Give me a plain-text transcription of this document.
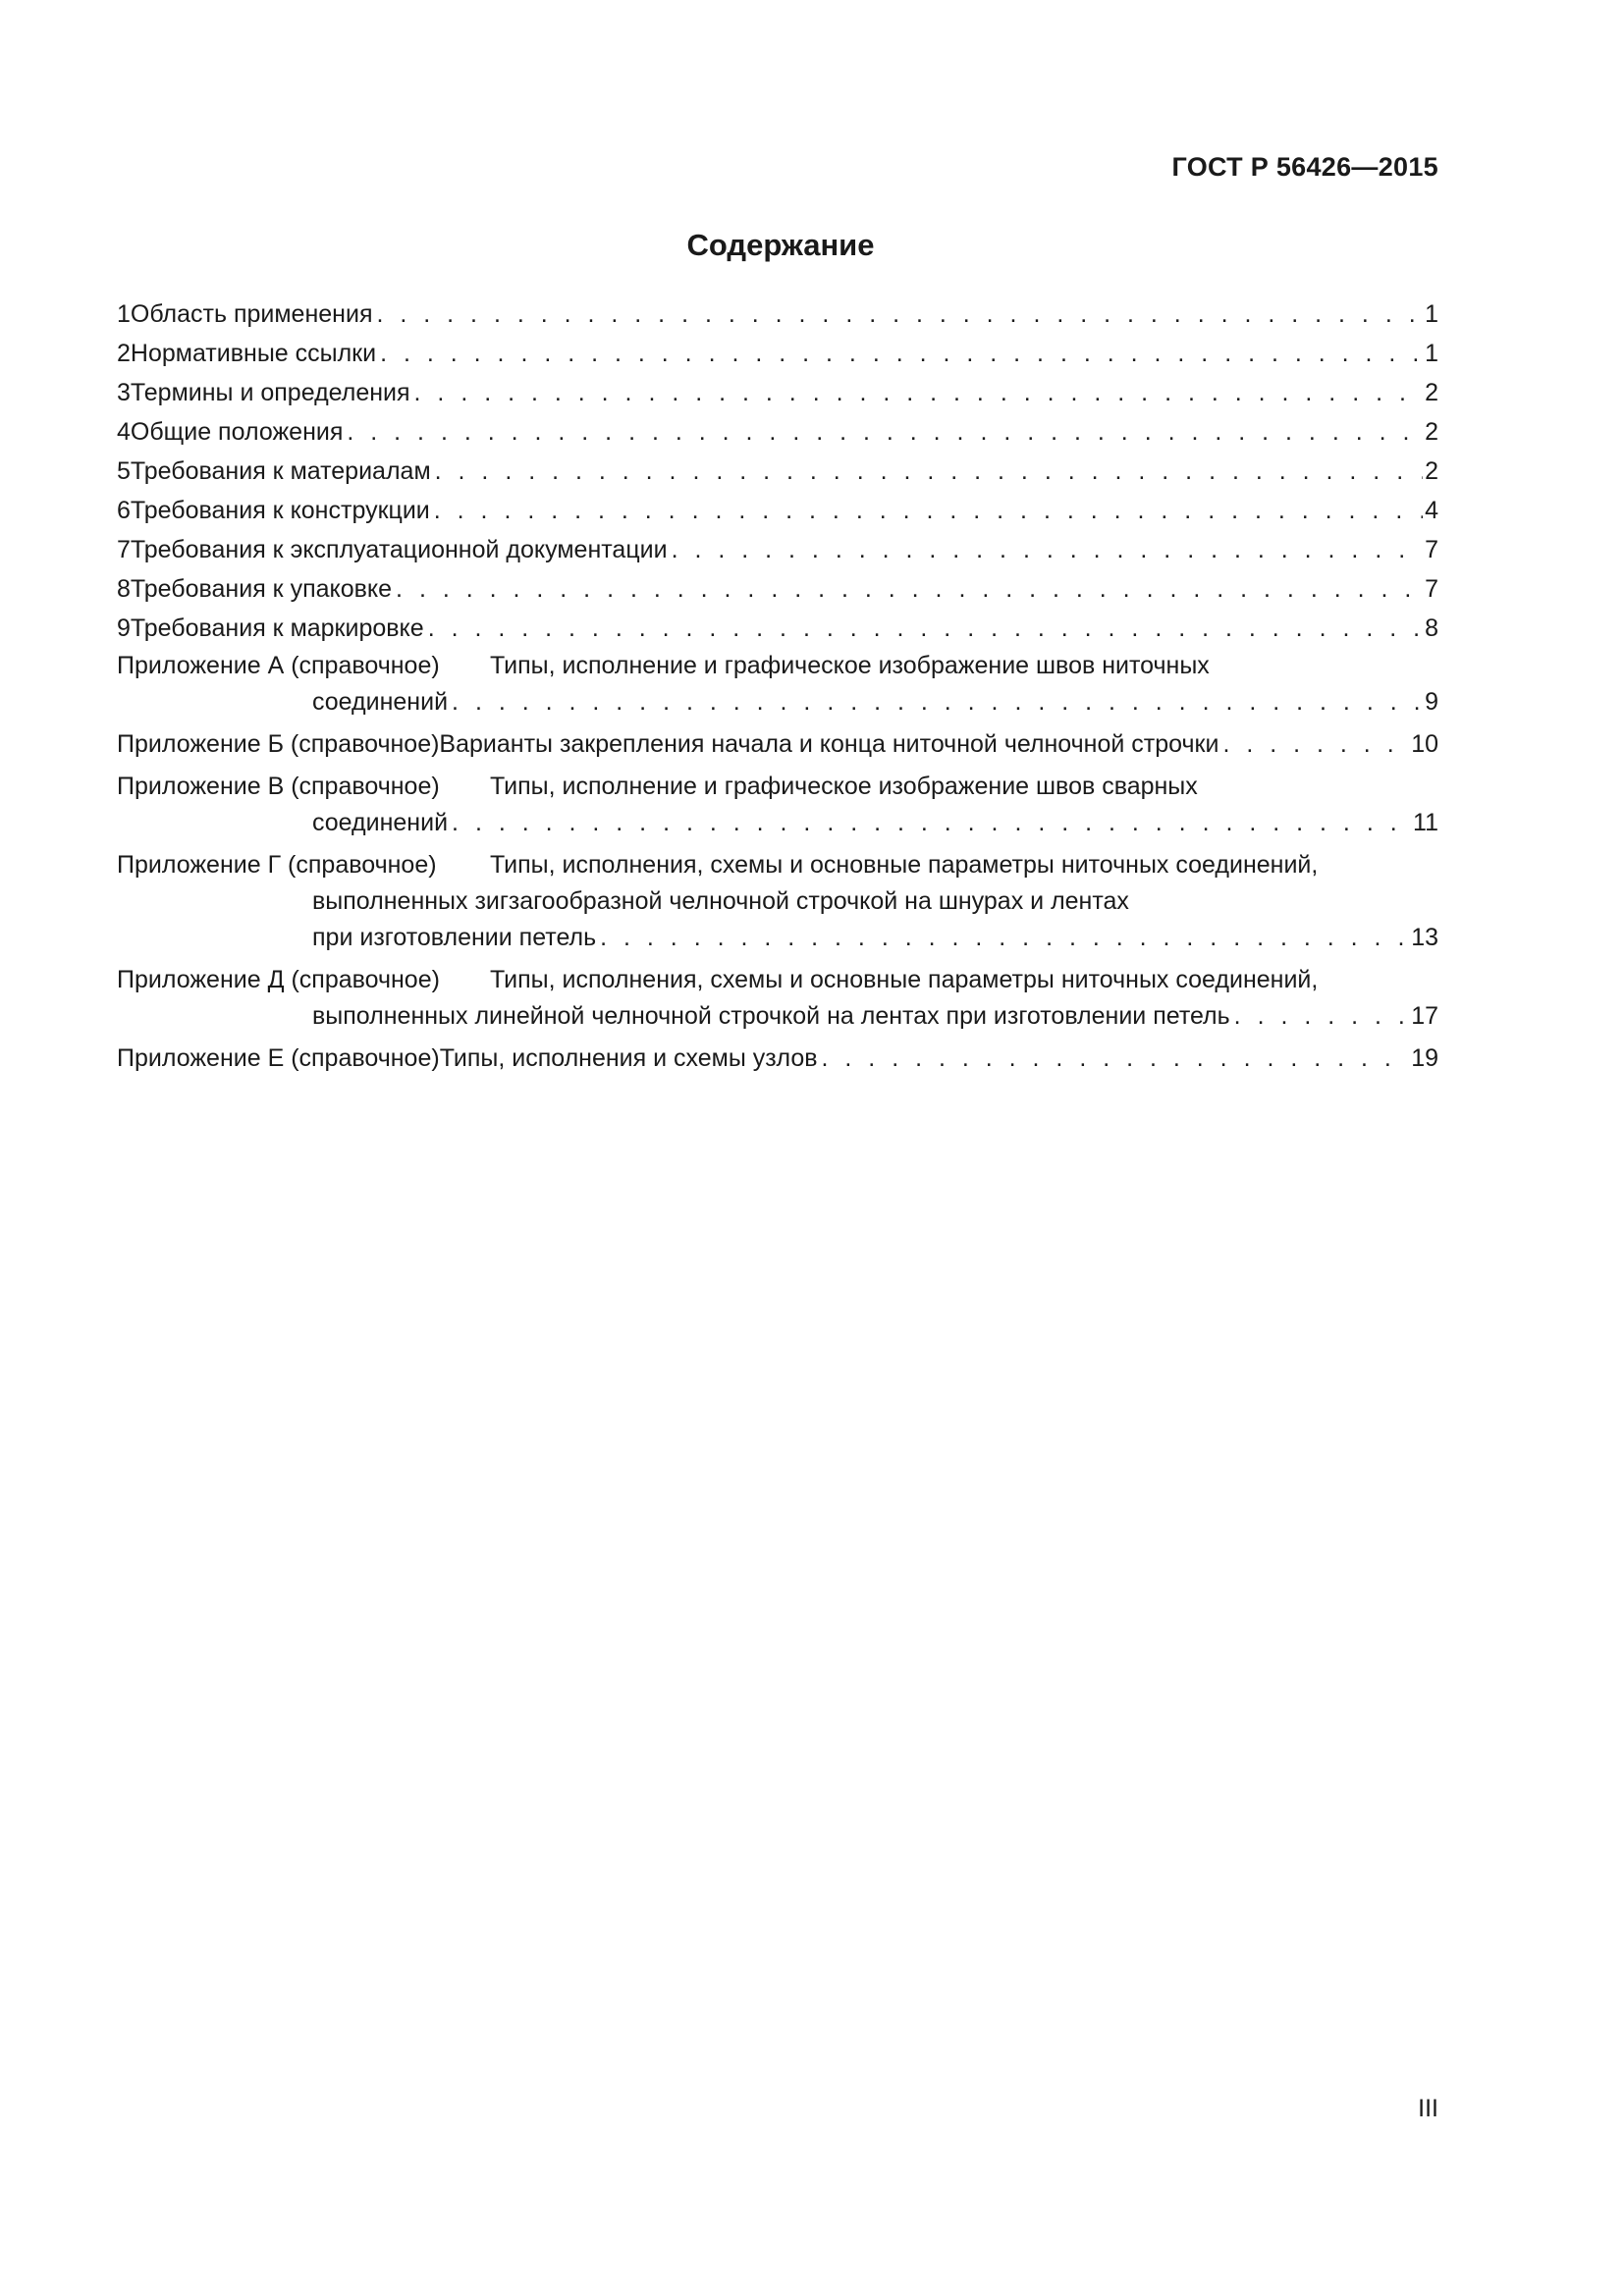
ГОСТ Р 56426—2015
Содержание
1 Область применения . . .	1
2 Нормативные ссылки . . .	1
3 Термины и определения . . .	2
4 Общие положения . . .	2
5 Требования к материалам . . .	2
6 Требования к конструкции . . .	4
7 Требования к эксплуатационной документации . . .	7
8 Требования к упаковке . . .	7
9 Требования к маркировке . . .	8
Приложение А (справочное)	Типы, исполнение и графическое изображение швов ниточных
соединений . . .	9
Приложение Б (справочное) Варианты закрепления начала и конца ниточной челночной строчки . . .	10
Приложение В (справочное)	Типы, исполнение и графическое изображение швов сварных
соединений . . .	11
Приложение Г (справочное)	Типы, исполнения, схемы и основные параметры ниточных соединений,
выполненных зигзагообразной челночной строчкой на шнурах и лентах
при изготовлении петель . . .	13
Приложение Д (справочное)	Типы, исполнения, схемы и основные параметры ниточных соединений,
выполненных линейной челночной строчкой на лентах при изготовлении петель . . .	17
Приложение Е (справочное) Типы, исполнения и схемы узлов . . .	19
III
